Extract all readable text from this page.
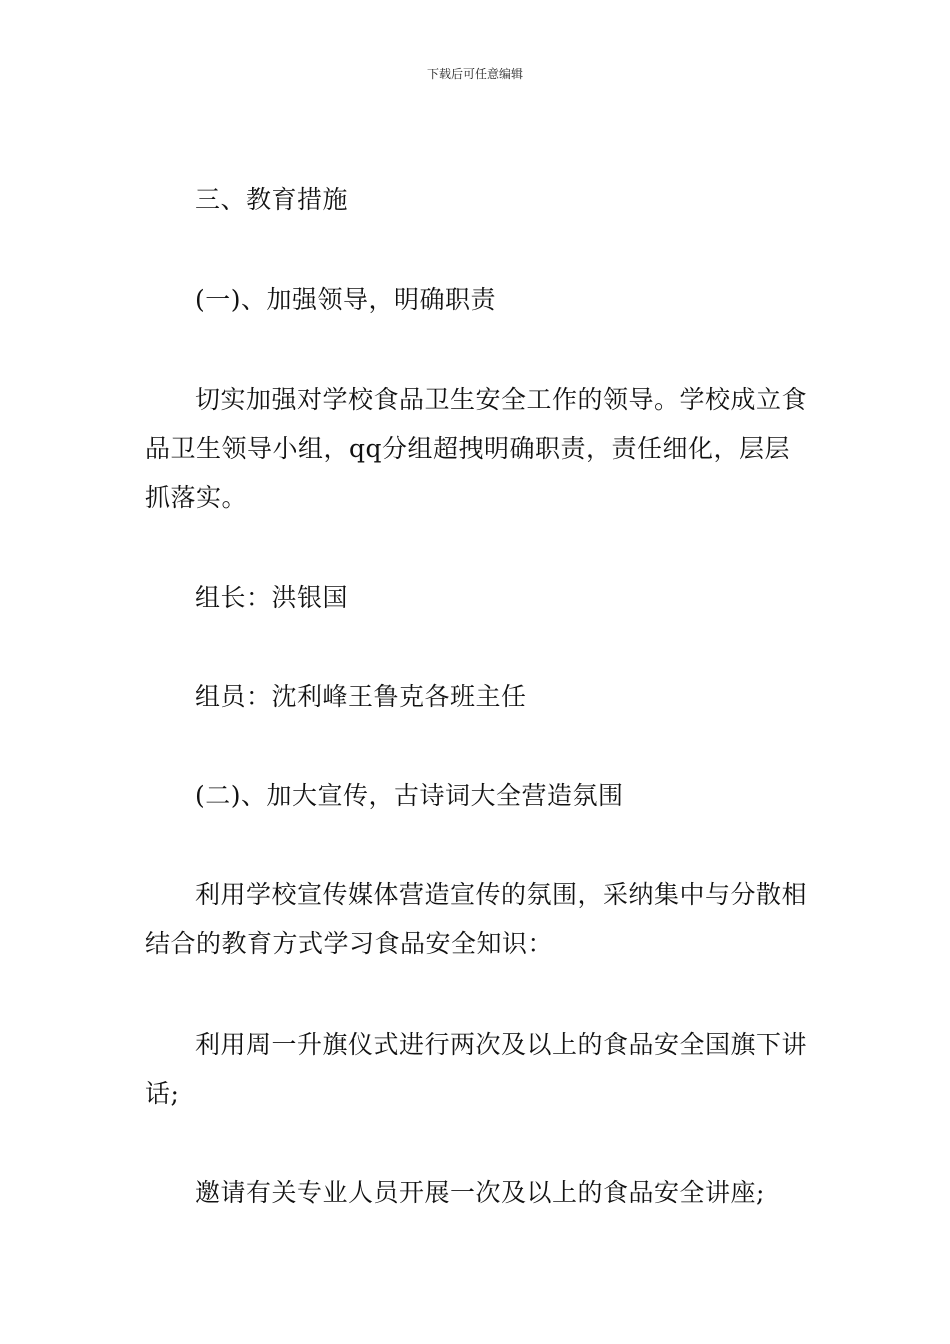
下载后可任意编辑
三、教育措施
(一)、加强领导，明确职责
切实加强对学校食品卫生安全工作的领导。学校成立食品卫生领导小组，qq分组超拽明确职责，责任细化，层层抓落实。
组长：洪银国
组员：沈利峰王鲁克各班主任
(二)、加大宣传，古诗词大全营造氛围
利用学校宣传媒体营造宣传的氛围，采纳集中与分散相结合的教育方式学习食品安全知识：
利用周一升旗仪式进行两次及以上的食品安全国旗下讲话;
邀请有关专业人员开展一次及以上的食品安全讲座;
